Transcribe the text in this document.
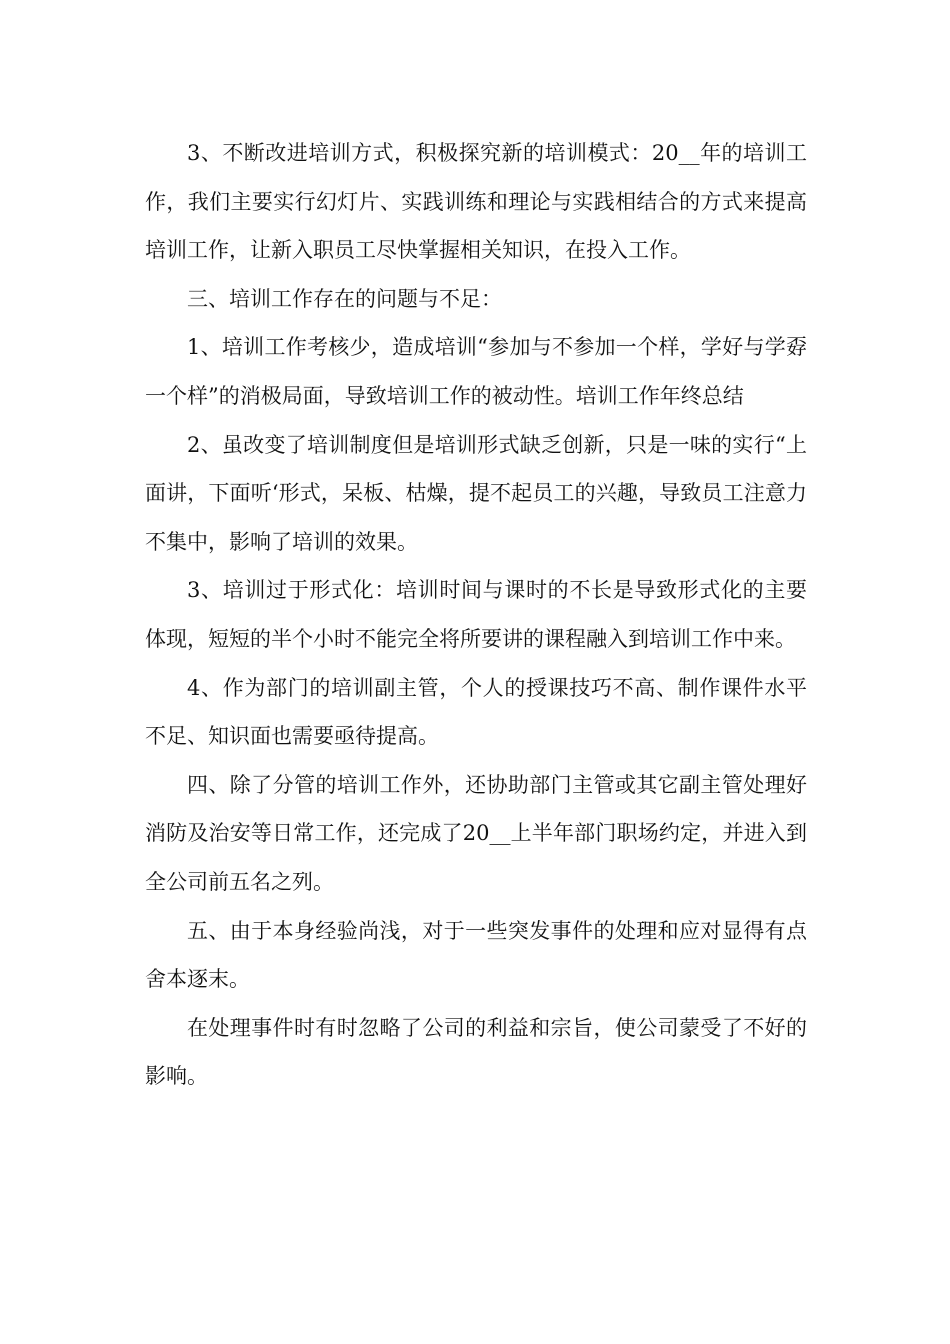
3、不断改进培训方式，积极探究新的培训模式：20__年的培训工作，我们主要实行幻灯片、实践训练和理论与实践相结合的方式来提高培训工作，让新入职员工尽快掌握相关知识，在投入工作。

三、培训工作存在的问题与不足：

1、培训工作考核少，造成培训“参加与不参加一个样，学好与学孬一个样”的消极局面，导致培训工作的被动性。培训工作年终总结

2、虽改变了培训制度但是培训形式缺乏创新，只是一味的实行“上面讲，下面听‘形式，呆板、枯燥，提不起员工的兴趣，导致员工注意力不集中，影响了培训的效果。

3、培训过于形式化：培训时间与课时的不长是导致形式化的主要体现，短短的半个小时不能完全将所要讲的课程融入到培训工作中来。

4、作为部门的培训副主管，个人的授课技巧不高、制作课件水平不足、知识面也需要亟待提高。

四、除了分管的培训工作外，还协助部门主管或其它副主管处理好消防及治安等日常工作，还完成了20__上半年部门职场约定，并进入到全公司前五名之列。

五、由于本身经验尚浅，对于一些突发事件的处理和应对显得有点舍本逐末。

在处理事件时有时忽略了公司的利益和宗旨，使公司蒙受了不好的影响。
